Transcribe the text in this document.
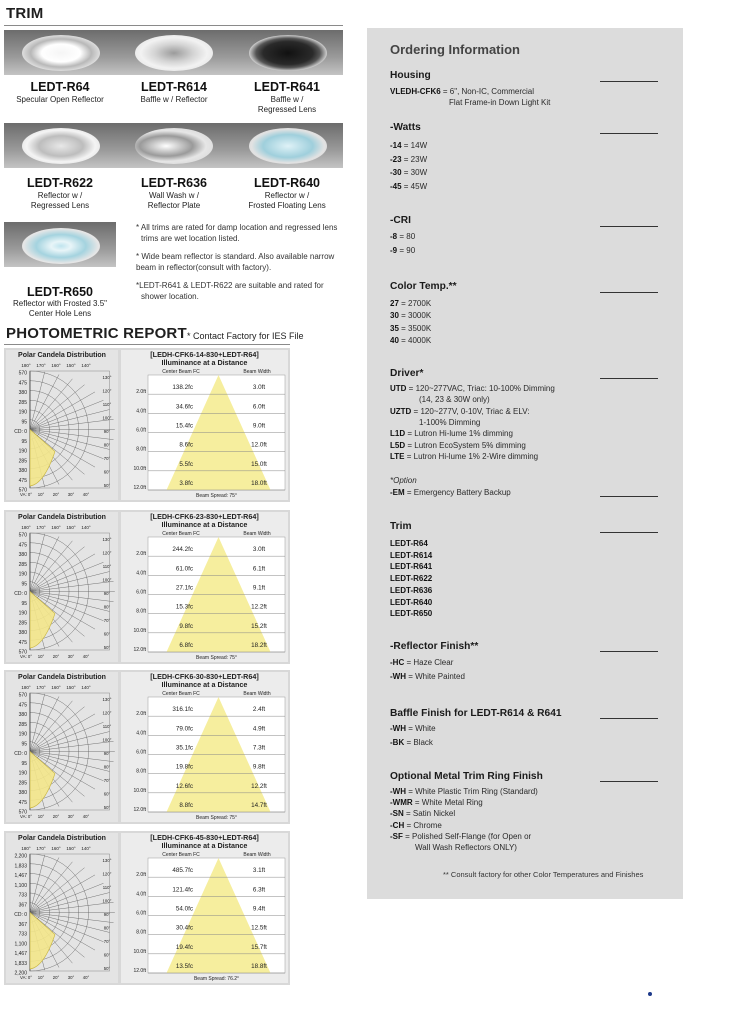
TRIM
LEDT-R64
Specular Open Reflector
LEDT-R614
Baffle w / Reflector
LEDT-R641
Baffle w /
Regressed Lens
LEDT-R622
Reflector w /
Regressed Lens
LEDT-R636
Wall Wash w /
Reflector Plate
LEDT-R640
Reflector w /
Frosted Floating Lens
LEDT-R650
Reflector with Frosted 3.5"
Center Hole Lens
* All trims are rated for damp location and regressed lens
trims are wet location listed.
* Wide beam reflector is standard. Also available narrow
beam in reflector(consult with factory).
*LEDT-R641 & LEDT-R622 are suitable and rated for
shower location.
PHOTOMETRIC REPORT * Contact Factory for IES File
Polar Candela Distribution
180° 170° 160° 150° 140°
570
475
380
285
190
95
CD: 0
95
190
285
380
475
570
130°
120°
110°
100°
90°
80°
70°
60°
50°
VA: 0° 10° 20° 30° 40°
[LEDH-CFK6-14-830+LEDT-R64]
Illuminance at a Distance
Center Beam FC	Beam Width
2.0ft
138.2fc	3.0ft
4.0ft
34.6fc	6.0ft
6.0ft
15.4fc	9.0ft
8.0ft
8.6fc	12.0ft
10.0ft
5.5fc	15.0ft
12.0ft
3.8fc	18.0ft
Beam Spread: 75°
Polar Candela Distribution
180° 170° 160° 150° 140°
570
475
380
285
190
95
CD: 0
95
190
285
380
475
570
130°
120°
110°
100°
90°
80°
70°
60°
50°
VA: 0° 10° 20° 30° 40°
[LEDH-CFK6-23-830+LEDT-R64]
Illuminance at a Distance
Center Beam FC	Beam Width
2.0ft
244.2fc	3.0ft
4.0ft
61.0fc	6.1ft
6.0ft
27.1fc	9.1ft
8.0ft
15.3fc	12.2ft
10.0ft
9.8fc	15.2ft
12.0ft
6.8fc	18.2ft
Beam Spread: 75°
Polar Candela Distribution
180° 170° 160° 150° 140°
570
475
380
285
190
95
CD: 0
95
190
285
380
475
570
130°
120°
110°
100°
90°
80°
70°
60°
50°
VA: 0° 10° 20° 30° 40°
[LEDH-CFK6-30-830+LEDT-R64]
Illuminance at a Distance
Center Beam FC	Beam Width
2.0ft
316.1fc	2.4ft
4.0ft
79.0fc	4.9ft
6.0ft
35.1fc	7.3ft
8.0ft
19.8fc	9.8ft
10.0ft
12.6fc	12.2ft
12.0ft
8.8fc	14.7ft
Beam Spread: 75°
Polar Candela Distribution
180° 170° 160° 150° 140°
2,200
1,833
1,467
1,100
733
367
CD: 0
367
733
1,100
1,467
1,833
2,200
130°
120°
110°
100°
90°
80°
70°
60°
50°
VA: 0° 10° 20° 30° 40°
[LEDH-CFK6-45-830+LEDT-R64]
Illuminance at a Distance
Center Beam FC	Beam Width
2.0ft
485.7fc	3.1ft
4.0ft
121.4fc	6.3ft
6.0ft
54.0fc	9.4ft
8.0ft
30.4fc	12.5ft
10.0ft
19.4fc	15.7ft
12.0ft
13.5fc	18.8ft
Beam Spread: 76.2°
Ordering Information
Housing
VLEDH-CFK6 = 6", Non-IC, Commercial
Flat Frame-in Down Light Kit
-Watts
-14 = 14W
-23 = 23W
-30 = 30W
-45 = 45W
-CRI
-8 = 80
-9 = 90
Color Temp.**
27 = 2700K
30 = 3000K
35 = 3500K
40 = 4000K
Driver*
UTD = 120~277VAC, Triac: 10-100% Dimming
(14, 23 & 30W only)
UZTD = 120~277V, 0-10V, Triac & ELV:
1-100% Dimming
L1D = Lutron Hi-lume 1% dimming
L5D = Lutron EcoSystem 5% dimming
LTE = Lutron Hi-lume 1% 2-Wire dimming
*Option
-EM = Emergency Battery Backup
Trim
LEDT-R64
LEDT-R614
LEDT-R641
LEDT-R622
LEDT-R636
LEDT-R640
LEDT-R650
-Reflector Finish**
-HC = Haze Clear
-WH = White Painted
Baffle Finish for LEDT-R614 & R641
-WH = White
-BK = Black
Optional Metal Trim Ring Finish
-WH = White Plastic Trim Ring (Standard)
-WMR = White Metal Ring
-SN = Satin Nickel
-CH = Chrome
-SF = Polished Self-Flange (for Open or
Wall Wash Reflectors ONLY)
** Consult factory for other Color Temperatures and Finishes
